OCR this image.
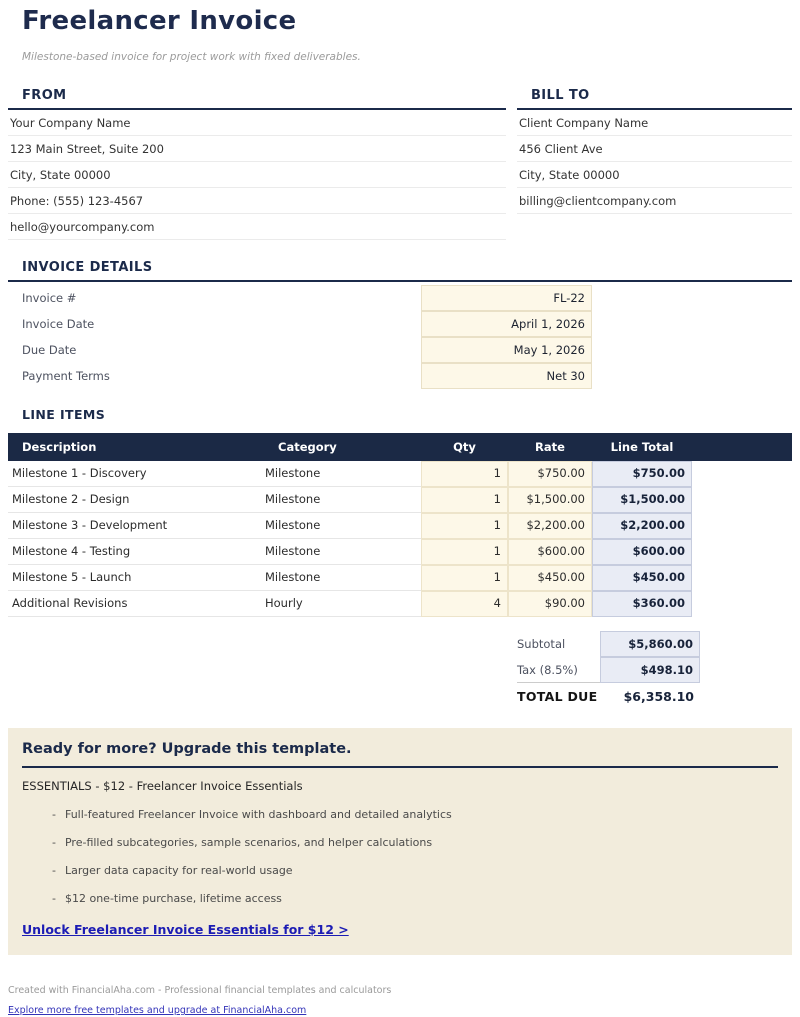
Freelancer Invoice

Milestone-based invoice for project work with fixed deliverables.

FROM
Your Company Name
123 Main Street, Suite 200
City, State 00000
Phone: (555) 123-4567
hello@yourcompany.com
BILL TO
Client Company Name
456 Client Ave
City, State 00000
billing@clientcompany.com
INVOICE DETAILS
Invoice #	FL-22
Invoice Date	April 1, 2026
Due Date	May 1, 2026
Payment Terms	Net 30
LINE ITEMS
Description	Category	Qty	Rate	Line Total
Milestone 1 - Discovery	Milestone	1	$750.00	$750.00
Milestone 2 - Design	Milestone	1	$1,500.00	$1,500.00
Milestone 3 - Development	Milestone	1	$2,200.00	$2,200.00
Milestone 4 - Testing	Milestone	1	$600.00	$600.00
Milestone 5 - Launch	Milestone	1	$450.00	$450.00
Additional Revisions	Hourly	4	$90.00	$360.00
Subtotal	$5,860.00
Tax (8.5%)	$498.10
TOTAL DUE	$6,358.10
Ready for more? Upgrade this template.
ESSENTIALS - $12 - Freelancer Invoice Essentials
- Full-featured Freelancer Invoice with dashboard and detailed analytics
- Pre-filled subcategories, sample scenarios, and helper calculations
- Larger data capacity for real-world usage
- $12 one-time purchase, lifetime access
Unlock Freelancer Invoice Essentials for $12 >
Created with FinancialAha.com - Professional financial templates and calculators
Explore more free templates and upgrade at FinancialAha.com
